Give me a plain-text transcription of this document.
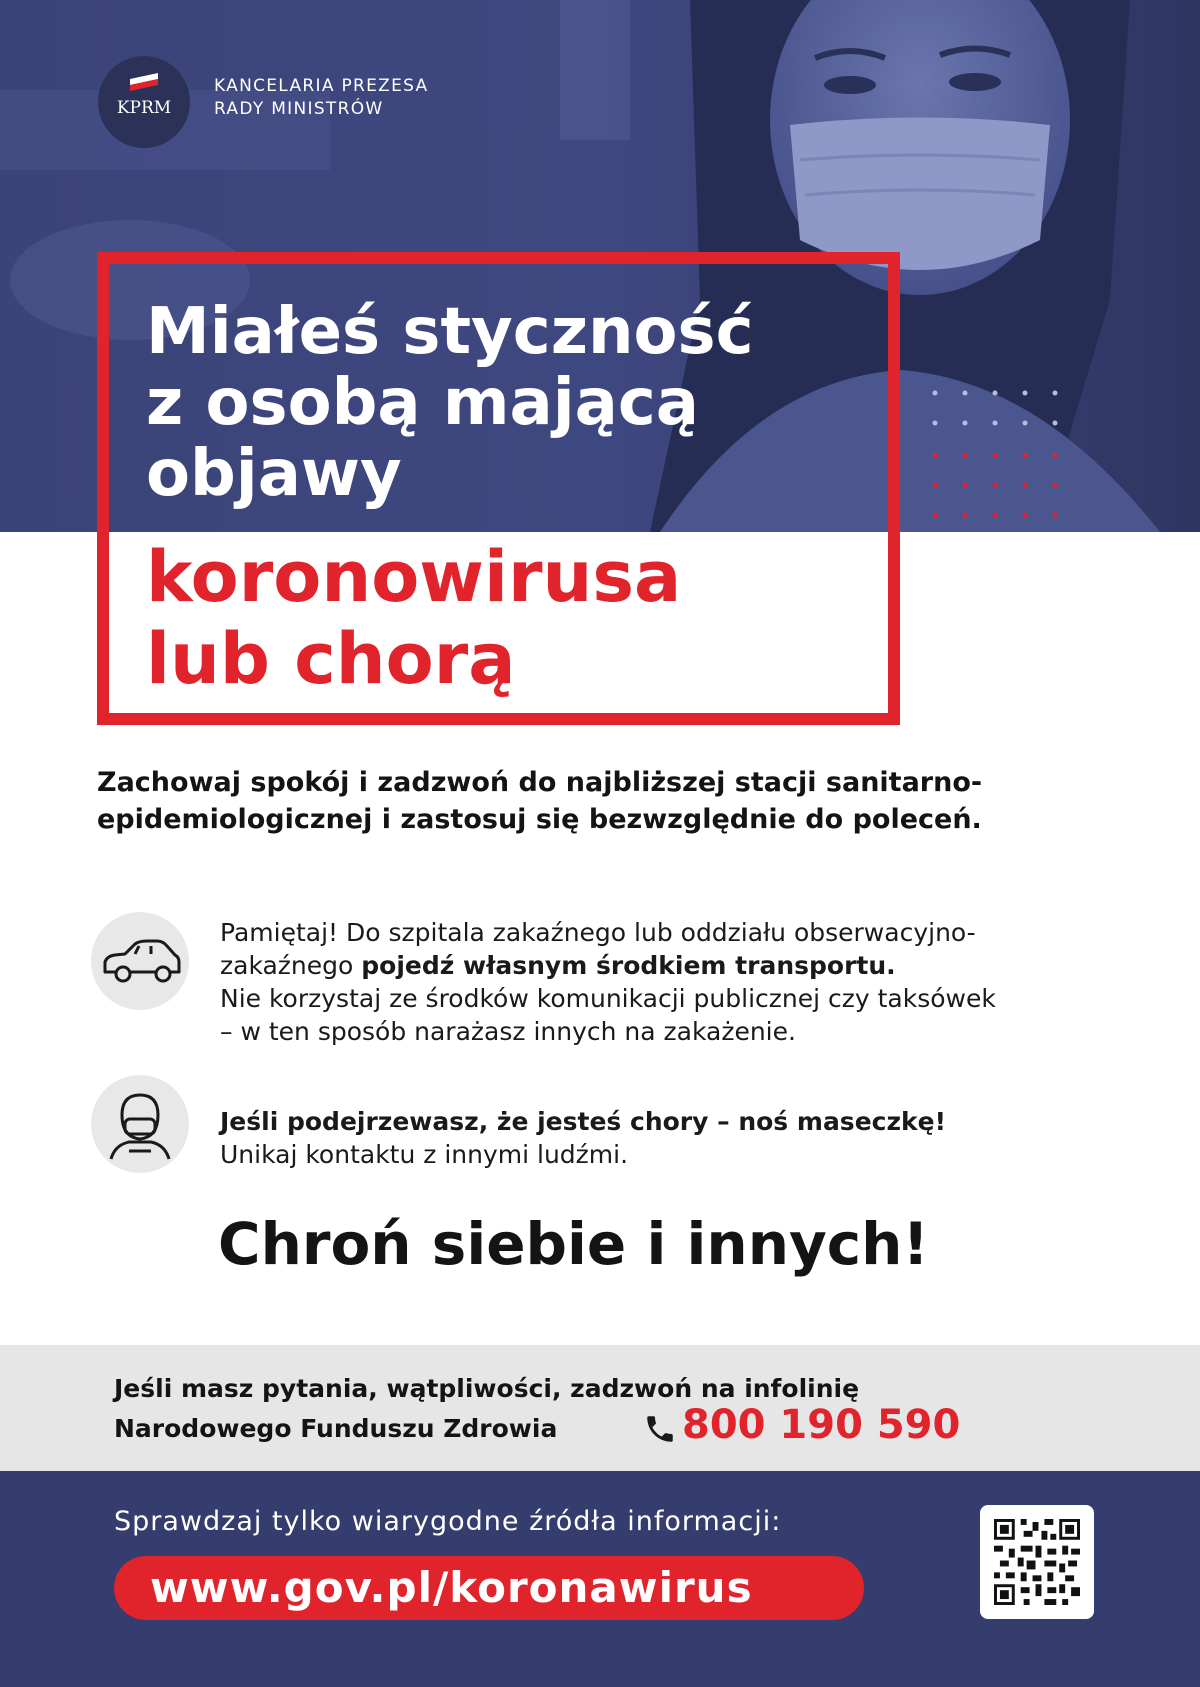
KPRM
KANCELARIA PREZESA
RADY MINISTRÓW
Miałeś styczność
z osobą mającą
objawy
koronowirusa
lub chorą

Zachowaj spokój i zadzwoń do najbliższej stacji sanitarno-epidemiologicznej i zastosuj się bezwzględnie do poleceń.

Pamiętaj! Do szpitala zakaźnego lub oddziału obserwacyjno-

zakaźnego pojedź własnym środkiem transportu.

Nie korzystaj ze środków komunikacji publicznej czy taksówek

– w ten sposób narażasz innych na zakażenie.

Jeśli podejrzewasz, że jesteś chory – noś maseczkę!

Unikaj kontaktu z innymi ludźmi.

Chroń siebie i innych!

Jeśli masz pytania, wątpliwości, zadzwoń na infolinię
Narodowego Funduszu Zdrowia	800 190 590
Sprawdzaj tylko wiarygodne źródła informacji:
www.gov.pl/koronawirus
